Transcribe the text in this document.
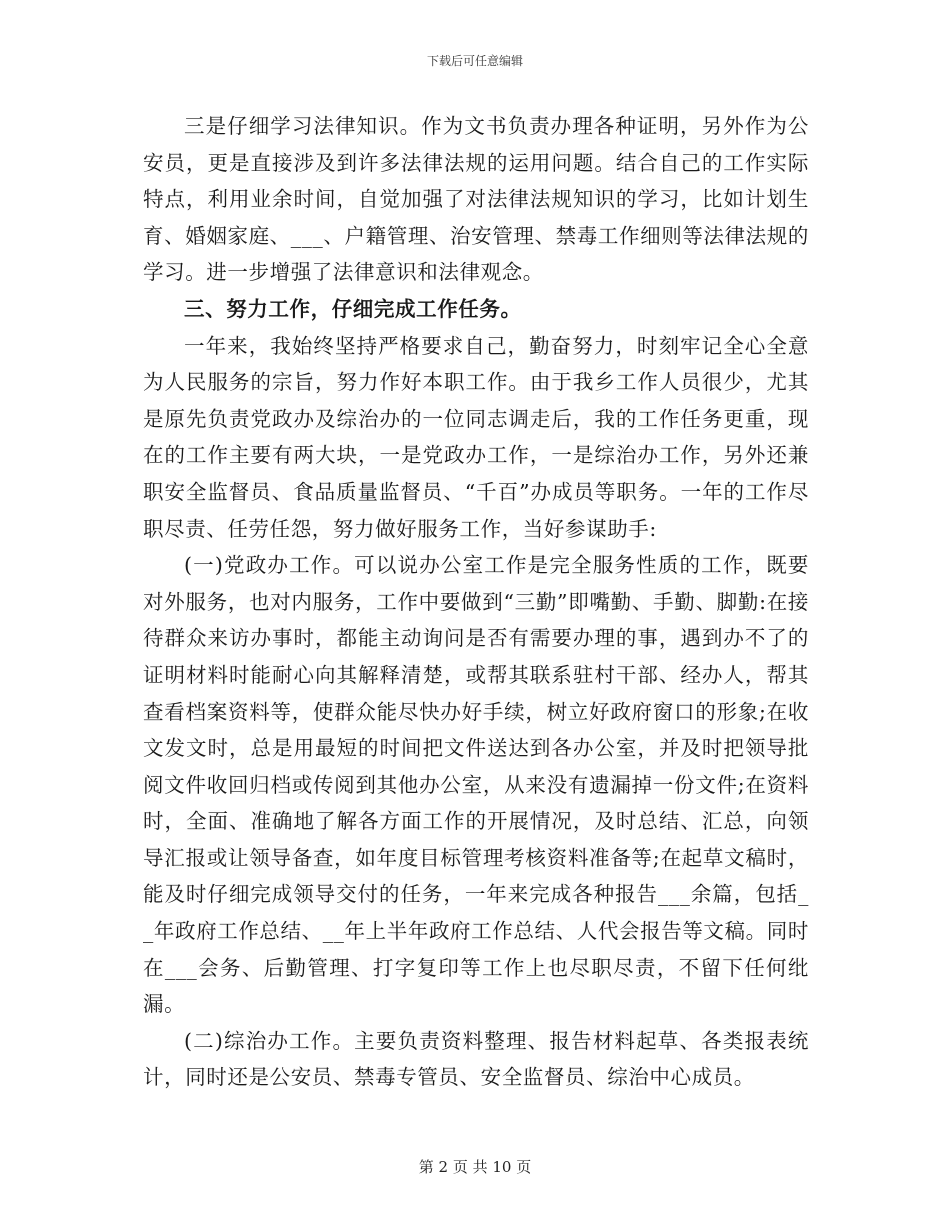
下载后可任意编辑

三是仔细学习法律知识。作为文书负责办理各种证明，另外作为公安员，更是直接涉及到许多法律法规的运用问题。结合自己的工作实际特点，利用业余时间，自觉加强了对法律法规知识的学习，比如计划生育、婚姻家庭、___、户籍管理、治安管理、禁毒工作细则等法律法规的学习。进一步增强了法律意识和法律观念。

三、努力工作，仔细完成工作任务。

一年来，我始终坚持严格要求自己，勤奋努力，时刻牢记全心全意为人民服务的宗旨，努力作好本职工作。由于我乡工作人员很少，尤其是原先负责党政办及综治办的一位同志调走后，我的工作任务更重，现在的工作主要有两大块，一是党政办工作，一是综治办工作，另外还兼职安全监督员、食品质量监督员、“千百”办成员等职务。一年的工作尽职尽责、任劳任怨，努力做好服务工作，当好参谋助手:

(一)党政办工作。可以说办公室工作是完全服务性质的工作，既要对外服务，也对内服务，工作中要做到“三勤”即嘴勤、手勤、脚勤:在接待群众来访办事时，都能主动询问是否有需要办理的事，遇到办不了的证明材料时能耐心向其解释清楚，或帮其联系驻村干部、经办人，帮其查看档案资料等，使群众能尽快办好手续，树立好政府窗口的形象;在收文发文时，总是用最短的时间把文件送达到各办公室，并及时把领导批阅文件收回归档或传阅到其他办公室，从来没有遗漏掉一份文件;在资料时，全面、准确地了解各方面工作的开展情况，及时总结、汇总，向领导汇报或让领导备查，如年度目标管理考核资料准备等;在起草文稿时，能及时仔细完成领导交付的任务，一年来完成各种报告___余篇，包括__年政府工作总结、__年上半年政府工作总结、人代会报告等文稿。同时在___会务、后勤管理、打字复印等工作上也尽职尽责，不留下任何纰漏。

(二)综治办工作。主要负责资料整理、报告材料起草、各类报表统计，同时还是公安员、禁毒专管员、安全监督员、综治中心成员。

第 2 页 共 10 页
